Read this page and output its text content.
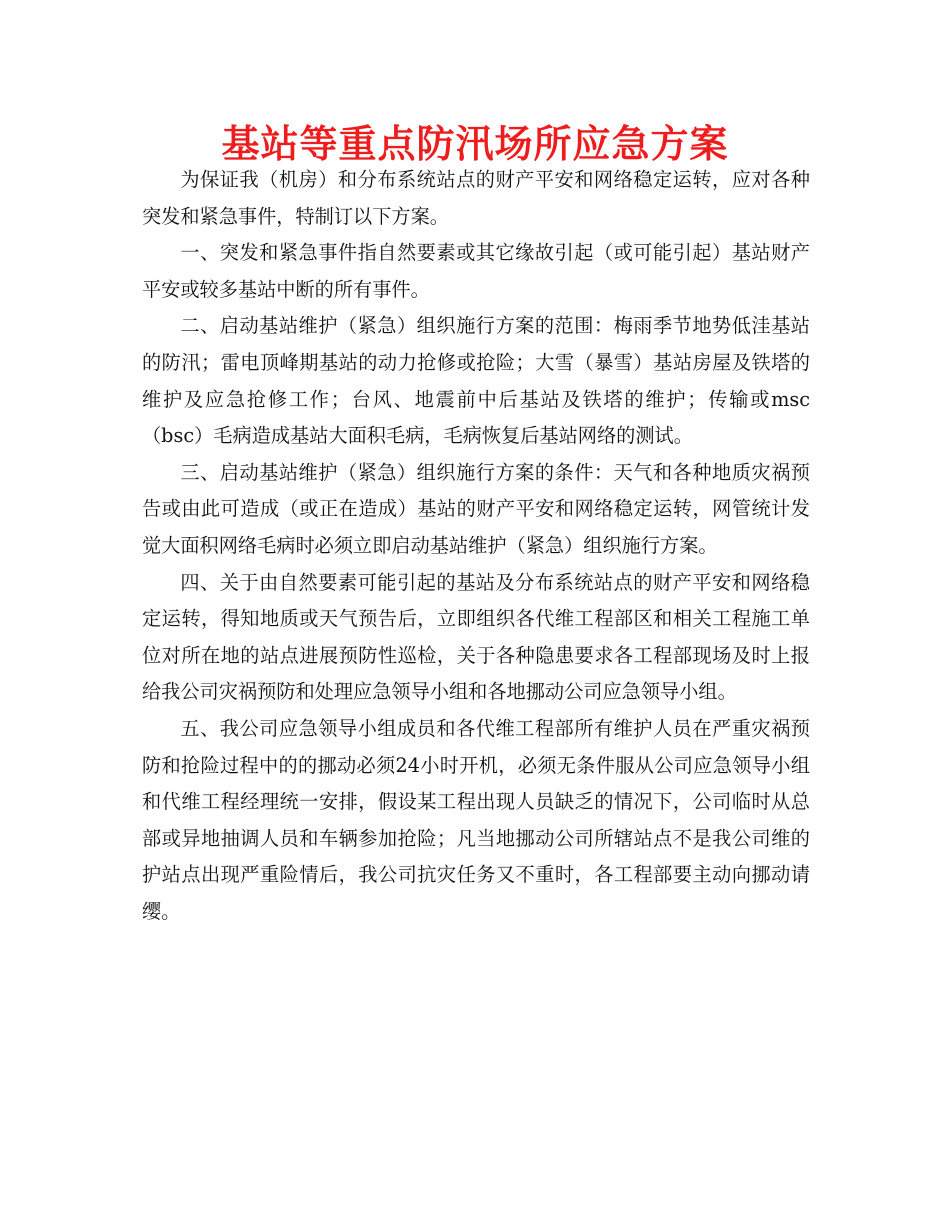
基站等重点防汛场所应急方案

为保证我（机房）和分布系统站点的财产平安和网络稳定运转，应对各种突发和紧急事件，特制订以下方案。

一、突发和紧急事件指自然要素或其它缘故引起（或可能引起）基站财产平安或较多基站中断的所有事件。

二、启动基站维护（紧急）组织施行方案的范围：梅雨季节地势低洼基站的防汛；雷电顶峰期基站的动力抢修或抢险；大雪（暴雪）基站房屋及铁塔的维护及应急抢修工作；台风、地震前中后基站及铁塔的维护；传输或msc（bsc）毛病造成基站大面积毛病，毛病恢复后基站网络的测试。

三、启动基站维护（紧急）组织施行方案的条件：天气和各种地质灾祸预告或由此可造成（或正在造成）基站的财产平安和网络稳定运转，网管统计发觉大面积网络毛病时必须立即启动基站维护（紧急）组织施行方案。

四、关于由自然要素可能引起的基站及分布系统站点的财产平安和网络稳定运转，得知地质或天气预告后，立即组织各代维工程部区和相关工程施工单位对所在地的站点进展预防性巡检，关于各种隐患要求各工程部现场及时上报给我公司灾祸预防和处理应急领导小组和各地挪动公司应急领导小组。

五、我公司应急领导小组成员和各代维工程部所有维护人员在严重灾祸预防和抢险过程中的的挪动必须24小时开机，必须无条件服从公司应急领导小组和代维工程经理统一安排，假设某工程出现人员缺乏的情况下，公司临时从总部或异地抽调人员和车辆参加抢险；凡当地挪动公司所辖站点不是我公司维的护站点出现严重险情后，我公司抗灾任务又不重时，各工程部要主动向挪动请缨。
